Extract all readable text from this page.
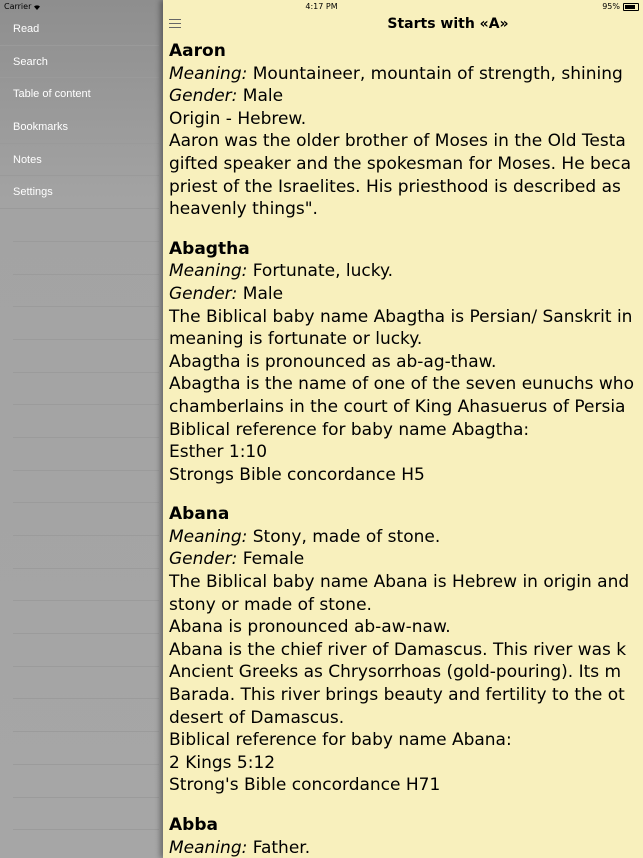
Carrier	4:17 PM	95%
Read
Search
Table of content
Bookmarks
Notes
Settings
Starts with «A»
Aaron
Meaning: Mountaineer, mountain of strength, shining
Gender: Male
Origin - Hebrew.
Aaron was the older brother of Moses in the Old Testa
gifted speaker and the spokesman for Moses. He beca
priest of the Israelites. His priesthood is described as
heavenly things".
Abagtha
Meaning: Fortunate, lucky.
Gender: Male
The Biblical baby name Abagtha is Persian/ Sanskrit in
meaning is fortunate or lucky.
Abagtha is pronounced as ab-ag-thaw.
Abagtha is the name of one of the seven eunuchs who
chamberlains in the court of King Ahasuerus of Persia
Biblical reference for baby name Abagtha:
Esther 1:10
Strongs Bible concordance H5
Abana
Meaning: Stony, made of stone.
Gender: Female
The Biblical baby name Abana is Hebrew in origin and
stony or made of stone.
Abana is pronounced ab-aw-naw.
Abana is the chief river of Damascus. This river was k
Ancient Greeks as Chrysorrhoas (gold-pouring). Its m
Barada. This river brings beauty and fertility to the ot
desert of Damascus.
Biblical reference for baby name Abana:
2 Kings 5:12
Strong's Bible concordance H71
Abba
Meaning: Father.
